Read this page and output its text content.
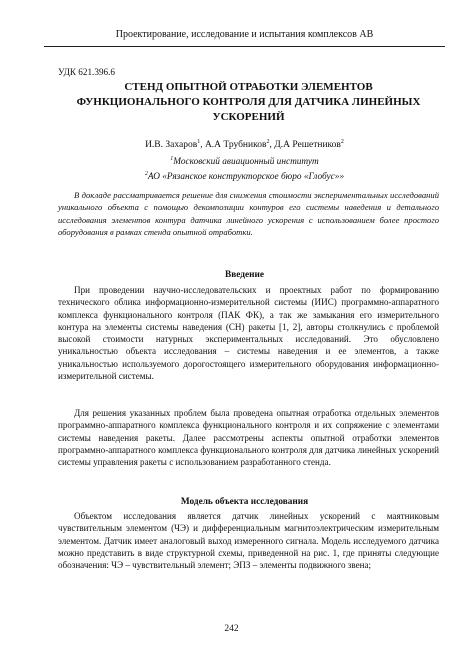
Проектирование, исследование и испытания комплексов АВ
УДК 621.396.6
СТЕНД ОПЫТНОЙ ОТРАБОТКИ ЭЛЕМЕНТОВ ФУНКЦИОНАЛЬНОГО КОНТРОЛЯ ДЛЯ ДАТЧИКА ЛИНЕЙНЫХ УСКОРЕНИЙ
И.В. Захаров$^1$, А.А Трубников$^2$, Д.А Решетников$^2$
$^1$Московский авиационный институт
$^2$АО «Рязанское конструкторское бюро «Глобус»»

В докладе рассматривается решение для снижения стоимости экспериментальных исследований уникального объекта с помощью декомпозиции контуров его системы наведения и детального исследования элементов контура датчика линейного ускорения с использованием более простого оборудования в рамках стенда опытной отработки.

Введение

При проведении научно-исследовательских и проектных работ по формированию технического облика информационно-измерительной системы (ИИС) программно-аппаратного комплекса функционального контроля (ПАК ФК), а так же замыкания его измерительного контура на элементы системы наведения (СН) ракеты [1, 2], авторы столкнулись с проблемой высокой стоимости натурных экспериментальных исследований. Это обусловлено уникальностью объекта исследования – системы наведения и ее элементов, а также уникальностью используемого дорогостоящего измерительного оборудования информационно-измерительной системы.

Для решения указанных проблем была проведена опытная отработка отдельных элементов программно-аппаратного комплекса функционального контроля и их сопряжение с элементами системы наведения ракеты. Далее рассмотрены аспекты опытной отработки элементов программно-аппаратного комплекса функционального контроля для датчика линейных ускорений системы управления ракеты с использованием разработанного стенда.

Модель объекта исследования

Объектом исследования является датчик линейных ускорений с маятниковым чувствительным элементом (ЧЭ) и дифференциальным магнитоэлектрическим измерительным элементом. Датчик имеет аналоговый выход измеренного сигнала. Модель исследуемого датчика можно представить в виде структурной схемы, приведенной на рис. 1, где приняты следующие обозначения: ЧЭ – чувствительный элемент; ЭПЗ – элементы подвижного звена;

242
